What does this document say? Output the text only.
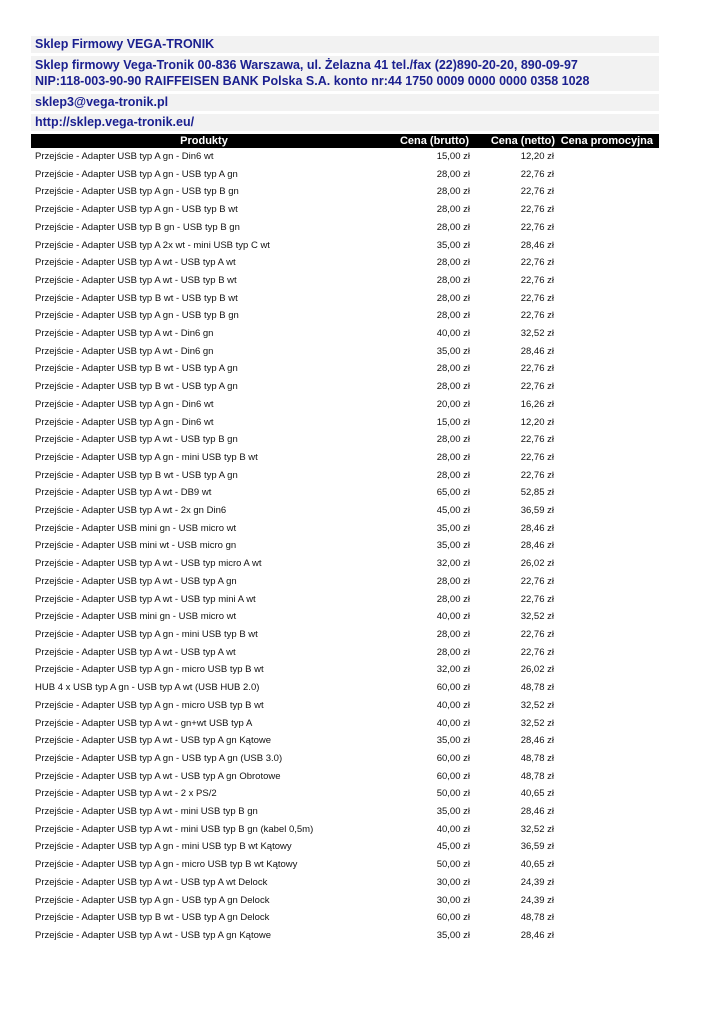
Sklep Firmowy VEGA-TRONIK
Sklep firmowy Vega-Tronik 00-836 Warszawa, ul. Żelazna 41 tel./fax (22)890-20-20, 890-09-97
NIP:118-003-90-90 RAIFFEISEN BANK Polska S.A. konto nr:44 1750 0009 0000 0000 0358 1028
sklep3@vega-tronik.pl
http://sklep.vega-tronik.eu/
Produkty	Cena (brutto)	Cena (netto)	Cena promocyjna
Przejście - Adapter USB typ A gn - Din6 wt	15,00 zł	12,20 zł	
Przejście - Adapter USB typ A gn - USB typ A gn	28,00 zł	22,76 zł	
Przejście - Adapter USB typ A gn - USB typ B gn	28,00 zł	22,76 zł	
Przejście - Adapter USB typ A gn - USB typ B wt	28,00 zł	22,76 zł	
Przejście - Adapter USB typ B gn - USB typ B gn	28,00 zł	22,76 zł	
Przejście - Adapter USB typ A 2x wt - mini USB typ C wt	35,00 zł	28,46 zł	
Przejście - Adapter USB typ A wt - USB typ A wt	28,00 zł	22,76 zł	
Przejście - Adapter USB typ A wt - USB typ B wt	28,00 zł	22,76 zł	
Przejście - Adapter USB typ B wt - USB typ B wt	28,00 zł	22,76 zł	
Przejście - Adapter USB typ A gn - USB typ B gn	28,00 zł	22,76 zł	
Przejście - Adapter USB typ A wt - Din6 gn	40,00 zł	32,52 zł	
Przejście - Adapter USB typ A wt - Din6 gn	35,00 zł	28,46 zł	
Przejście - Adapter USB typ B wt - USB typ A gn	28,00 zł	22,76 zł	
Przejście - Adapter USB typ B wt - USB typ A gn	28,00 zł	22,76 zł	
Przejście - Adapter USB typ A gn - Din6 wt	20,00 zł	16,26 zł	
Przejście - Adapter USB typ A gn - Din6 wt	15,00 zł	12,20 zł	
Przejście - Adapter USB typ A wt - USB typ B gn	28,00 zł	22,76 zł	
Przejście - Adapter USB typ A gn - mini USB typ B wt	28,00 zł	22,76 zł	
Przejście - Adapter USB typ B wt - USB typ A gn	28,00 zł	22,76 zł	
Przejście - Adapter USB typ A wt - DB9 wt	65,00 zł	52,85 zł	
Przejście - Adapter USB typ A wt - 2x gn Din6	45,00 zł	36,59 zł	
Przejście - Adapter USB mini gn - USB micro wt	35,00 zł	28,46 zł	
Przejście - Adapter USB mini wt - USB micro gn	35,00 zł	28,46 zł	
Przejście - Adapter USB typ A wt - USB typ micro A wt	32,00 zł	26,02 zł	
Przejście - Adapter USB typ A wt - USB typ A gn	28,00 zł	22,76 zł	
Przejście - Adapter USB typ A wt - USB typ mini A wt	28,00 zł	22,76 zł	
Przejście - Adapter USB mini gn - USB micro wt	40,00 zł	32,52 zł	
Przejście - Adapter USB typ A gn - mini USB typ B wt	28,00 zł	22,76 zł	
Przejście - Adapter USB typ A wt - USB typ A wt	28,00 zł	22,76 zł	
Przejście - Adapter USB typ A gn - micro USB typ B wt	32,00 zł	26,02 zł	
HUB 4 x USB typ A gn - USB typ A wt (USB HUB 2.0)	60,00 zł	48,78 zł	
Przejście - Adapter USB typ A gn - micro USB typ B wt	40,00 zł	32,52 zł	
Przejście - Adapter USB typ A wt - gn+wt USB typ A	40,00 zł	32,52 zł	
Przejście - Adapter USB typ A wt - USB typ A gn Kątowe	35,00 zł	28,46 zł	
Przejście - Adapter USB typ A gn - USB typ A gn (USB 3.0)	60,00 zł	48,78 zł	
Przejście - Adapter USB typ A wt - USB typ A gn Obrotowe	60,00 zł	48,78 zł	
Przejście - Adapter USB typ A wt - 2 x PS/2	50,00 zł	40,65 zł	
Przejście - Adapter USB typ A wt - mini USB typ B gn	35,00 zł	28,46 zł	
Przejście - Adapter USB typ A wt - mini USB typ B gn (kabel 0,5m)	40,00 zł	32,52 zł	
Przejście - Adapter USB typ A gn - mini USB typ B wt Kątowy	45,00 zł	36,59 zł	
Przejście - Adapter USB typ A gn - micro USB typ B wt Kątowy	50,00 zł	40,65 zł	
Przejście - Adapter USB typ A wt - USB typ A wt Delock	30,00 zł	24,39 zł	
Przejście - Adapter USB typ A gn - USB typ A gn Delock	30,00 zł	24,39 zł	
Przejście - Adapter USB typ B wt - USB typ A gn Delock	60,00 zł	48,78 zł	
Przejście - Adapter USB typ A wt - USB typ A gn Kątowe	35,00 zł	28,46 zł	
